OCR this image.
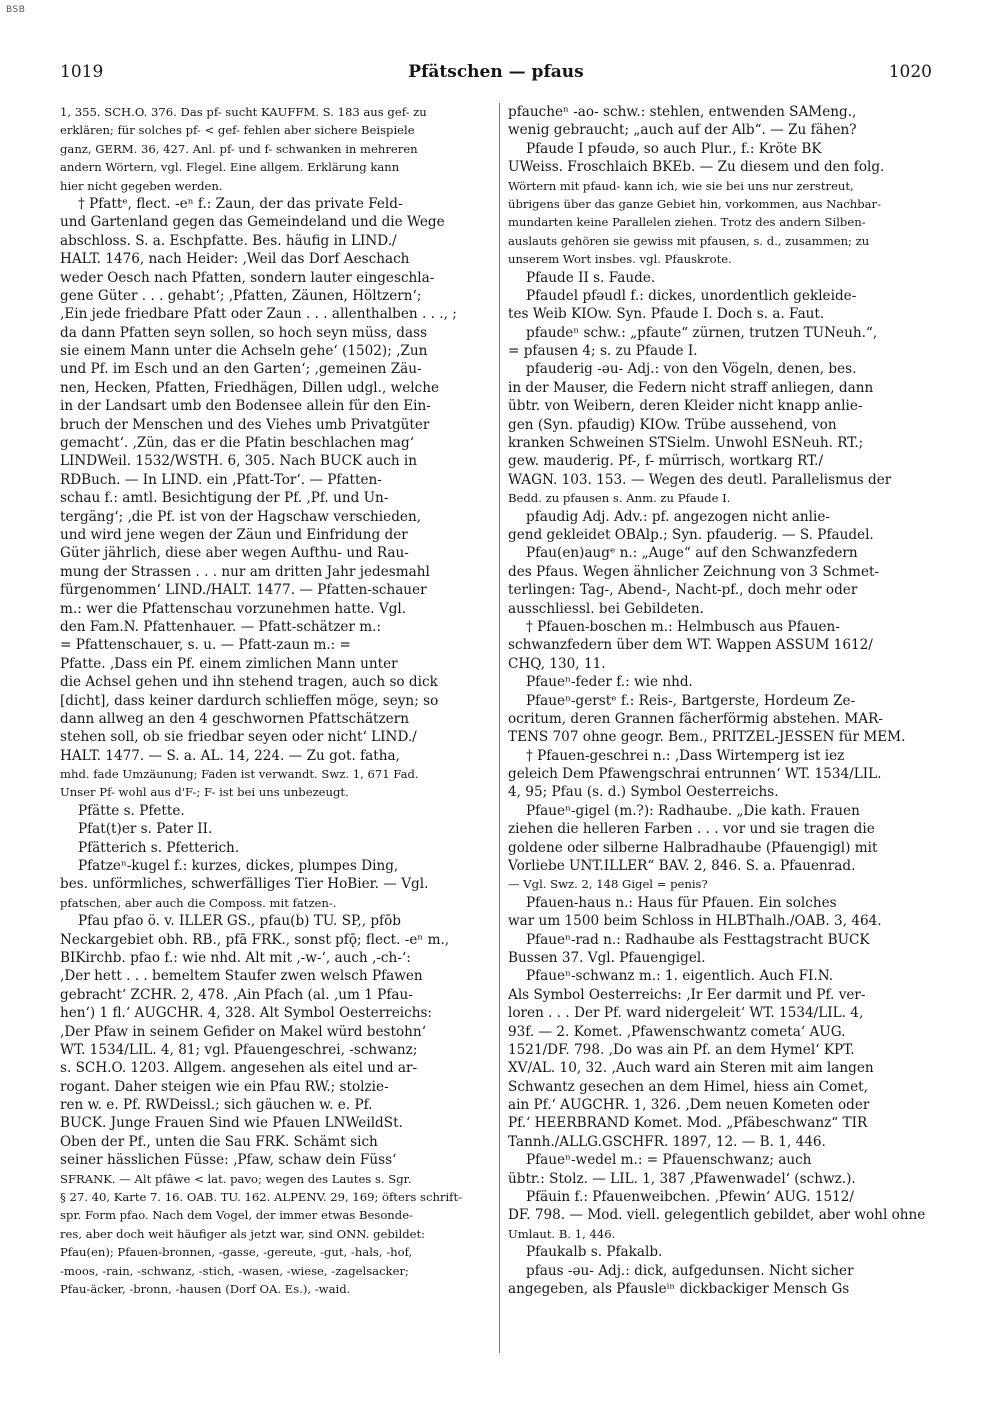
BSB
1019	Pfätschen — pfaus	1020
1, 355. SCH.O. 376. Das pf- sucht KAUFFM. S. 183 aus gef- zu
erklären; für solches pf- < gef- fehlen aber sichere Beispiele
ganz, GERM. 36, 427. Anl. pf- und f- schwanken in mehreren
andern Wörtern, vgl. Flegel. Eine allgem. Erklärung kann
hier nicht gegeben werden.
† Pfattᵉ, flect. -eⁿ f.: Zaun, der das private Feld-
und Gartenland gegen das Gemeindeland und die Wege
abschloss. S. a. Eschpfatte. Bes. häufig in LIND./
HALT. 1476, nach Heider: ‚Weil das Dorf Aeschach
weder Oesch nach Pfatten, sondern lauter eingeschla-
gene Güter . . . gehabt‘; ‚Pfatten, Zäunen, Höltzern‘;
‚Ein jede friedbare Pfatt oder Zaun . . . allenthalben . . ., ;
da dann Pfatten seyn sollen, so hoch seyn müss, dass
sie einem Mann unter die Achseln gehe‘ (1502); ‚Zun
und Pf. im Esch und an den Garten‘; ‚gemeinen Zäu-
nen, Hecken, Pfatten, Friedhägen, Dillen udgl., welche
in der Landsart umb den Bodensee allein für den Ein-
bruch der Menschen und des Viehes umb Privatgüter
gemacht‘. ‚Zün, das er die Pfatin beschlachen mag‘
LINDWeil. 1532/WSTH. 6, 305. Nach BUCK auch in
RDBuch. — In LIND. ein ‚Pfatt-Tor‘. — Pfatten-
schau f.: amtl. Besichtigung der Pf. ‚Pf. und Un-
tergäng‘; ‚die Pf. ist von der Hagschaw verschieden,
und wird jene wegen der Zäun und Einfridung der
Güter jährlich, diese aber wegen Aufthu- und Rau-
mung der Strassen . . . nur am dritten Jahr jedesmahl
fürgenommen‘ LIND./HALT. 1477. — Pfatten-schauer
m.: wer die Pfattenschau vorzunehmen hatte. Vgl.
den Fam.N. Pfattenhauer. — Pfatt-schätzer m.:
= Pfattenschauer, s. u. — Pfatt-zaun m.: =
Pfatte. ‚Dass ein Pf. einem zimlichen Mann unter
die Achsel gehen und ihn stehend tragen, auch so dick
[dicht], dass keiner dardurch schlieffen möge, seyn; so
dann allweg an den 4 geschwornen Pfattschätzern
stehen soll, ob sie friedbar seyen oder nicht‘ LIND./
HALT. 1477. — S. a. AL. 14, 224. — Zu got. fatha,
mhd. fade Umzäunung; Faden ist verwandt. Swz. 1, 671 Fad.
Unser Pf- wohl aus d'F-; F- ist bei uns unbezeugt.
Pfätte s. Pfette.
Pfat(t)er s. Pater II.
Pfätterich s. Pfetterich.
Pfatzeⁿ-kugel f.: kurzes, dickes, plumpes Ding,
bes. unförmliches, schwerfälliges Tier HoBier. — Vgl.
pfatschen, aber auch die Composs. mit fatzen-.
Pfau pfao ö. v. ILLER GS., pfau(b) TU. SP,, pfōb
Neckargebiet obh. RB., pfā FRK., sonst pfǭ; flect. -eⁿ m.,
BIKirchb. pfao f.: wie nhd. Alt mit ‚-w-‘, auch ‚-ch-‘:
‚Der hett . . . bemeltem Staufer zwen welsch Pfawen
gebracht‘ ZCHR. 2, 478. ‚Ain Pfach (al. ‚um 1 Pfau-
hen‘) 1 fl.‘ AUGCHR. 4, 328. Alt Symbol Oesterreichs:
‚Der Pfaw in seinem Gefider on Makel würd bestohn‘
WT. 1534/LIL. 4, 81; vgl. Pfauengeschrei, -schwanz;
s. SCH.O. 1203. Allgem. angesehen als eitel und ar-
rogant. Daher steigen wie ein Pfau RW.; stolzie-
ren w. e. Pf. RWDeissl.; sich gäuchen w. e. Pf.
BUCK. Junge Frauen Sind wie Pfauen LNWeildSt.
Oben der Pf., unten die Sau FRK. Schämt sich
seiner hässlichen Füsse: ‚Pfaw, schaw dein Füss‘
SFRANK. — Alt pfâwe < lat. pavo; wegen des Lautes s. Sgr.
§ 27. 40, Karte 7. 16. OAB. TU. 162. ALPENV. 29, 169; öfters schrift-
spr. Form pfao. Nach dem Vogel, der immer etwas Besonde-
res, aber doch weit häufiger als jetzt war, sind ONN. gebildet:
Pfau(en); Pfauen-bronnen, -gasse, -gereute, -gut, -hals, -hof,
-moos, -rain, -schwanz, -stich, -wasen, -wiese, -zagelsacker;
Pfau-äcker, -bronn, -hausen (Dorf OA. Es.), -waid.
pfaucheⁿ -ao- schw.: stehlen, entwenden SAMeng.,
wenig gebraucht; „auch auf der Alb“. — Zu fähen?
Pfaude I pfəudə, so auch Plur., f.: Kröte BK
UWeiss. Froschlaich BKEb. — Zu diesem und den folg.
Wörtern mit pfaud- kann ich, wie sie bei uns nur zerstreut,
übrigens über das ganze Gebiet hin, vorkommen, aus Nachbar-
mundarten keine Parallelen ziehen. Trotz des andern Silben-
auslauts gehören sie gewiss mit pfausen, s. d., zusammen; zu
unserem Wort insbes. vgl. Pfauskrote.
Pfaude II s. Faude.
Pfaudel pfəudl f.: dickes, unordentlich gekleide-
tes Weib KIOw. Syn. Pfaude I. Doch s. a. Faut.
pfaudeⁿ schw.: „pfaute“ zürnen, trutzen TUNeuh.“,
= pfausen 4; s. zu Pfaude I.
pfauderig -əu- Adj.: von den Vögeln, denen, bes.
in der Mauser, die Federn nicht straff anliegen, dann
übtr. von Weibern, deren Kleider nicht knapp anlie-
gen (Syn. pfaudig) KIOw. Trübe aussehend, von
kranken Schweinen STSielm. Unwohl ESNeuh. RT.;
gew. mauderig. Pf-, f- mürrisch, wortkarg RT./
WAGN. 103. 153. — Wegen des deutl. Parallelismus der
Bedd. zu pfausen s. Anm. zu Pfaude I.
pfaudig Adj. Adv.: pf. angezogen nicht anlie-
gend gekleidet OBAlp.; Syn. pfauderig. — S. Pfaudel.
Pfau(en)augᵉ n.: „Auge“ auf den Schwanzfedern
des Pfaus. Wegen ähnlicher Zeichnung von 3 Schmet-
terlingen: Tag-, Abend-, Nacht-pf., doch mehr oder
ausschliessl. bei Gebildeten.
† Pfauen-boschen m.: Helmbusch aus Pfauen-
schwanzfedern über dem WT. Wappen ASSUM 1612/
CHQ, 130, 11.
Pfaueⁿ-feder f.: wie nhd.
Pfaueⁿ-gerstᵉ f.: Reis-, Bartgerste, Hordeum Ze-
ocritum, deren Grannen fächerförmig abstehen. MAR-
TENS 707 ohne geogr. Bem., PRITZEL-JESSEN für MEM.
† Pfauen-geschrei n.: ‚Dass Wirtemperg ist iez
geleich Dem Pfawengschrai entrunnen‘ WT. 1534/LIL.
4, 95; Pfau (s. d.) Symbol Oesterreichs.
Pfaueⁿ-gigel (m.?): Radhaube. „Die kath. Frauen
ziehen die helleren Farben . . . vor und sie tragen die
goldene oder silberne Halbradhaube (Pfauengigl) mit
Vorliebe UNT.ILLER“ BAV. 2, 846. S. a. Pfauenrad.
— Vgl. Swz. 2, 148 Gigel = penis?
Pfauen-haus n.: Haus für Pfauen. Ein solches
war um 1500 beim Schloss in HLBThalh./OAB. 3, 464.
Pfaueⁿ-rad n.: Radhaube als Festtagstracht BUCK
Bussen 37. Vgl. Pfauengigel.
Pfaueⁿ-schwanz m.: 1. eigentlich. Auch FI.N.
Als Symbol Oesterreichs: ‚Ir Eer darmit und Pf. ver-
loren . . . Der Pf. ward nidergeleit‘ WT. 1534/LIL. 4,
93f. — 2. Komet. ‚Pfawenschwantz cometa‘ AUG.
1521/DF. 798. ‚Do was ain Pf. an dem Hymel‘ KPT.
XV/AL. 10, 32. ‚Auch ward ain Steren mit aim langen
Schwantz gesechen an dem Himel, hiess ain Comet,
ain Pf.‘ AUGCHR. 1, 326. ‚Dem neuen Kometen oder
Pf.‘ HEERBRAND Komet. Mod. „Pfäbeschwanz“ TIR
Tannh./ALLG.GSCHFR. 1897, 12. — B. 1, 446.
Pfaueⁿ-wedel m.: = Pfauenschwanz; auch
übtr.: Stolz. — LIL. 1, 387 ‚Pfawenwadel‘ (schwz.).
Pfäuin f.: Pfauenweibchen. ‚Pfewin‘ AUG. 1512/
DF. 798. — Mod. viell. gelegentlich gebildet, aber wohl ohne
Umlaut. B. 1, 446.
Pfaukalb s. Pfakalb.
pfaus -əu- Adj.: dick, aufgedunsen. Nicht sicher
angegeben, als Pfausleⁱⁿ dickbackiger Mensch Gs
